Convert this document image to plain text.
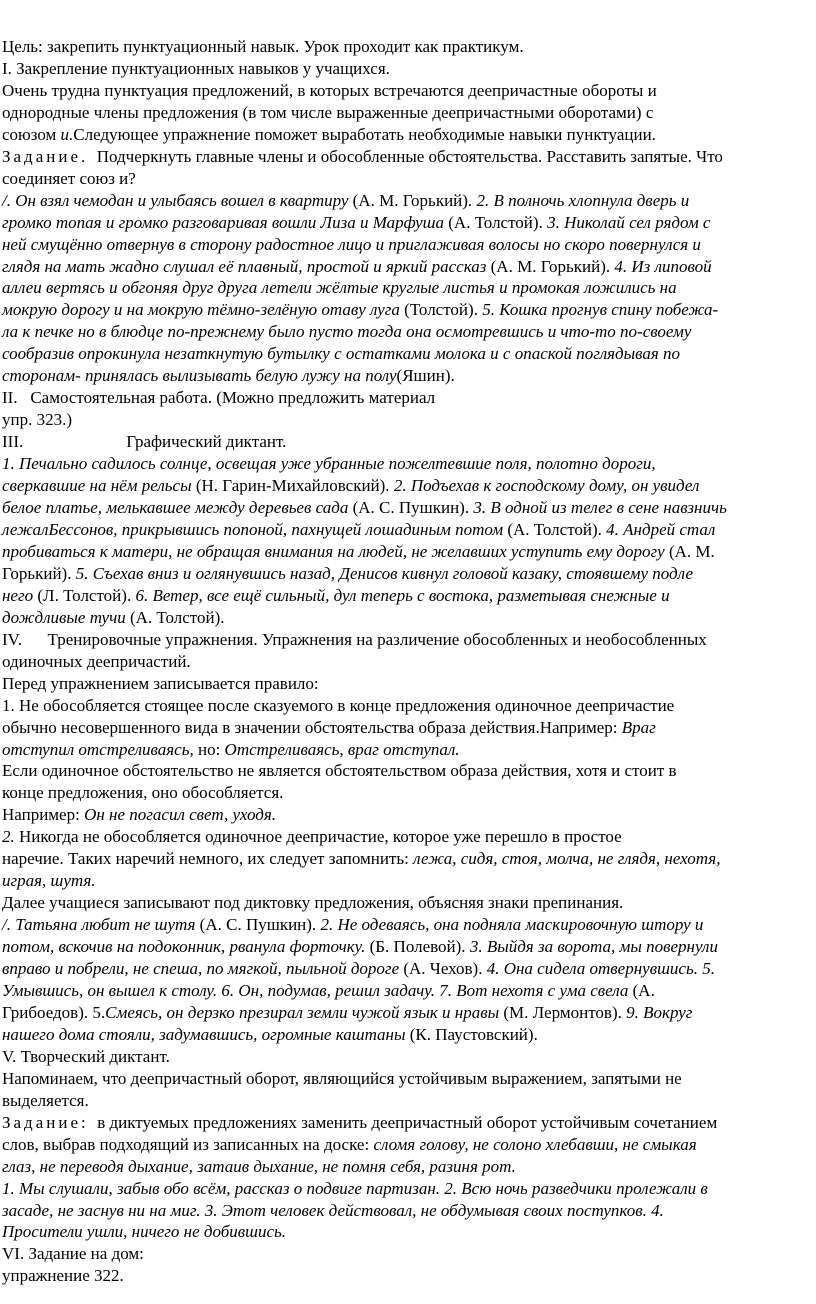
Цель: закрепить пунктуационный навык. Урок проходит как практикум.

I. Закрепление пунктуационных навыков у учащихся.

Очень трудна пунктуация предложений, в которых встречаются деепричастные обороты и

однородные члены предложения (в том числе выраженные деепричастными оборотами) с

союзом и.Следующее упражнение поможет выработать необходимые навыки пунктуации.

Задание.  Подчеркнуть главные члены и обособленные обстоятельства. Расставить запятые. Что

соединяет союз и?

/. Он взял чемодан и улыбаясь вошел в квартиру (А. М. Горький). 2. В полночь хлопнула дверь и

громко топая и громко разговаривая вошли Лиза и Марфуша (А. Толстой). 3. Николай сел рядом с

ней смущённо отвернув в сторону радостное лицо и приглаживая волосы но скоро повернулся и

глядя на мать жадно слушал её плавный, простой и яркий рассказ (А. М. Горький). 4. Из липовой

аллеи вертясь и обгоняя друг друга летели жёлтые круглые листья и промокая ложились на

мокрую дорогу и на мокрую тёмно-зелёную отаву луга (Толстой). 5. Кошка прогнув спину побежа-

ла к печке но в блюдце по-прежнему было пусто тогда она осмотревшись и что-то по-своему

сообразив опрокинула незаткнутую бутылку с остатками молока и с опаской поглядывая по

сторонам- принялась вылизывать белую лужу на полу(Яшин).

II.   Самостоятельная работа. (Можно предложить материал

упр. 323.)

III.	Графический диктант.

1. Печально садилось солнце, освещая уже убранные пожелтевшие поля, полотно дороги,

сверкавшие на нём рельсы (Н. Гарин-Михайловский). 2. Подъехав к господскому дому, он увидел

белое платье, мелькавшее между деревьев сада (А. С. Пушкин). 3. В одной из телег в сене навзничь

лежалБессонов, прикрывшись попоной, пахнущей лошадиным потом (А. Толстой). 4. Андрей стал

пробиваться к матери, не обращая внимания на людей, не желавших уступить ему дорогу (А. М.

Горький). 5. Съехав вниз и оглянувшись назад, Денисов кивнул головой казаку, стоявшему подле

него (Л. Толстой). 6. Ветер, все ещё сильный, дул теперь с востока, разметывая снежные и

дождливые тучи (А. Толстой).

IV.      Тренировочные упражнения. Упражнения на различение обособленных и необособленных

одиночных деепричастий.

Перед упражнением записывается правило:

1. Не обособляется стоящее после сказуемого в конце предложения одиночное деепричастие

обычно несовершенного вида в значении обстоятельства образа действия.Например: Враг

отступил отстреливаясь, но: Отстреливаясь, враг отступал.

Если одиночное обстоятельство не является обстоятельством образа действия, хотя и стоит в

конце предложения, оно обособляется.

Например: Он не погасил свет, уходя.

2. Никогда не обособляется одиночное деепричастие, которое уже перешло в простое

наречие. Таких наречий немного, их следует запомнить: лежа, сидя, стоя, молча, не глядя, нехотя,

играя, шутя.

Далее учащиеся записывают под диктовку предложения, объясняя знаки препинания.

/. Татьяна любит не шутя (А. С. Пушкин). 2. Не одеваясь, она подняла маскировочную штору и

потом, вскочив на подоконник, рванула форточку. (Б. Полевой). 3. Выйдя за ворота, мы повернули

вправо и побрели, не спеша, по мягкой, пыльной дороге (А. Чехов). 4. Она сидела отвернувшись. 5.

Умывшись, он вышел к столу. 6. Он, подумав, решил задачу. 7. Вот нехотя с ума свела (А.

Грибоедов). 5.Смеясь, он дерзко презирал земли чужой язык и нравы (М. Лермонтов). 9. Вокруг

нашего дома стояли, задумавшись, огромные каштаны (К. Паустовский).

V. Творческий диктант.

Напоминаем, что деепричастный оборот, являющийся устойчивым выражением, запятыми не

выделяется.

Задание:  в диктуемых предложениях заменить деепричастный оборот устойчивым сочетанием

слов, выбрав подходящий из записанных на доске: сломя голову, не солоно хлебавши, не смыкая

глаз, не переводя дыхание, затаив дыхание, не помня себя, разиня рот.

1. Мы слушали, забыв обо всём, рассказ о подвиге партизан. 2. Всю ночь разведчики пролежали в

засаде, не заснув ни на миг. 3. Этот человек действовал, не обдумывая своих поступков. 4.

Просители ушли, ничего не добившись.

VI. Задание на дом:

упражнение 322.
